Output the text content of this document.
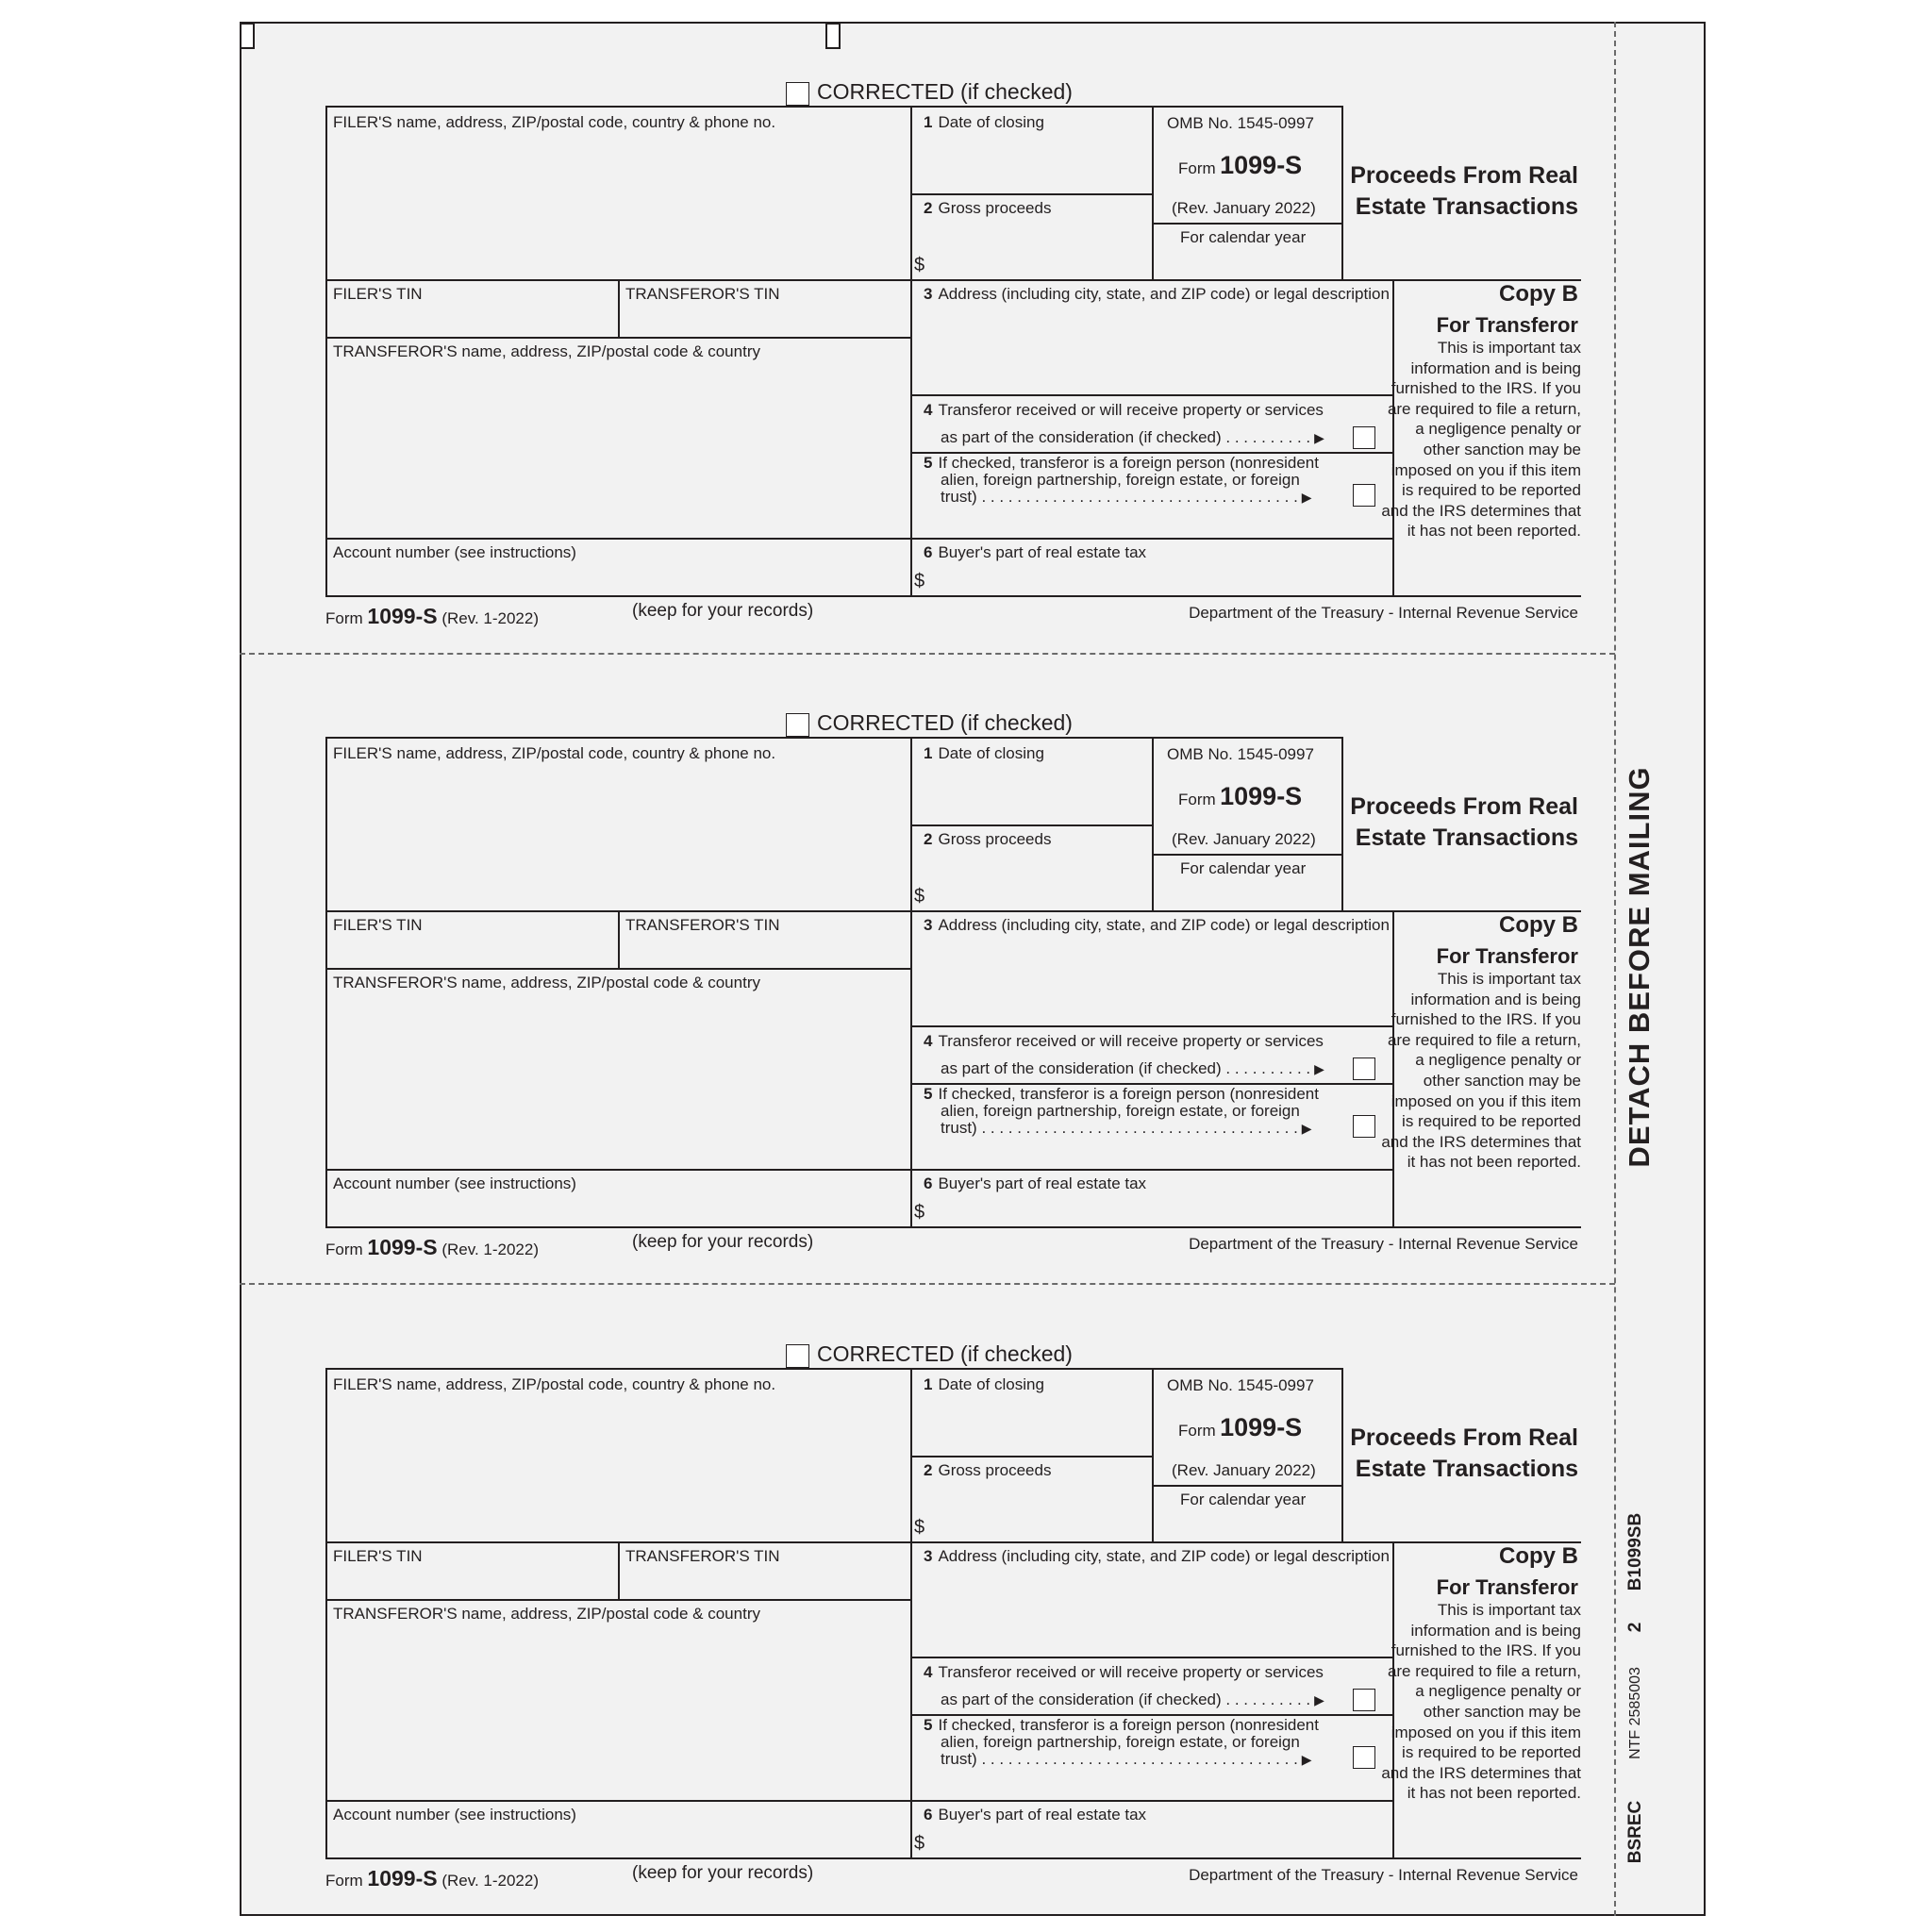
DETACH BEFORE MAILING
B1099SB
2
NTF 2585003
BSREC
CORRECTED (if checked)
FILER'S name, address, ZIP/postal code, country & phone no.	1 Date of closing
2 Gross proceeds
$
OMB No. 1545-0997
Form 1099-S
(Rev. January 2022)
For calendar year
Proceeds From Real
Estate Transactions
FILER'S TIN	TRANSFEROR'S TIN
TRANSFEROR'S name, address, ZIP/postal code & country
3 Address (including city, state, and ZIP code) or legal description
4 Transferor received or will receive property or services
as part of the consideration (if checked) . . . . . . . . . . ▶
5 If checked, transferor is a foreign person (nonresident
alien, foreign partnership, foreign estate, or foreign
trust) . . . . . . . . . . . . . . . . . . . . . . . . . . . . . . . . . . . . ▶
Account number (see instructions)	6 Buyer's part of real estate tax
$
Copy B
For Transferor
This is important tax information and is being furnished to the IRS. If you are required to file a return, a negligence penalty or other sanction may be imposed on you if this item is required to be reported and the IRS determines that it has not been reported.
Form 1099-S (Rev. 1-2022)	(keep for your records)	Department of the Treasury - Internal Revenue Service
CORRECTED (if checked)
FILER'S name, address, ZIP/postal code, country & phone no.	1 Date of closing
2 Gross proceeds
$
OMB No. 1545-0997
Form 1099-S
(Rev. January 2022)
For calendar year
Proceeds From Real
Estate Transactions
FILER'S TIN	TRANSFEROR'S TIN
TRANSFEROR'S name, address, ZIP/postal code & country
3 Address (including city, state, and ZIP code) or legal description
4 Transferor received or will receive property or services
as part of the consideration (if checked) . . . . . . . . . . ▶
5 If checked, transferor is a foreign person (nonresident
alien, foreign partnership, foreign estate, or foreign
trust) . . . . . . . . . . . . . . . . . . . . . . . . . . . . . . . . . . . . ▶
Account number (see instructions)	6 Buyer's part of real estate tax
$
Copy B
For Transferor
This is important tax information and is being furnished to the IRS. If you are required to file a return, a negligence penalty or other sanction may be imposed on you if this item is required to be reported and the IRS determines that it has not been reported.
Form 1099-S (Rev. 1-2022)	(keep for your records)	Department of the Treasury - Internal Revenue Service
CORRECTED (if checked)
FILER'S name, address, ZIP/postal code, country & phone no.	1 Date of closing
2 Gross proceeds
$
OMB No. 1545-0997
Form 1099-S
(Rev. January 2022)
For calendar year
Proceeds From Real
Estate Transactions
FILER'S TIN	TRANSFEROR'S TIN
TRANSFEROR'S name, address, ZIP/postal code & country
3 Address (including city, state, and ZIP code) or legal description
4 Transferor received or will receive property or services
as part of the consideration (if checked) . . . . . . . . . . ▶
5 If checked, transferor is a foreign person (nonresident
alien, foreign partnership, foreign estate, or foreign
trust) . . . . . . . . . . . . . . . . . . . . . . . . . . . . . . . . . . . . ▶
Account number (see instructions)	6 Buyer's part of real estate tax
$
Copy B
For Transferor
This is important tax information and is being furnished to the IRS. If you are required to file a return, a negligence penalty or other sanction may be imposed on you if this item is required to be reported and the IRS determines that it has not been reported.
Form 1099-S (Rev. 1-2022)	(keep for your records)	Department of the Treasury - Internal Revenue Service
